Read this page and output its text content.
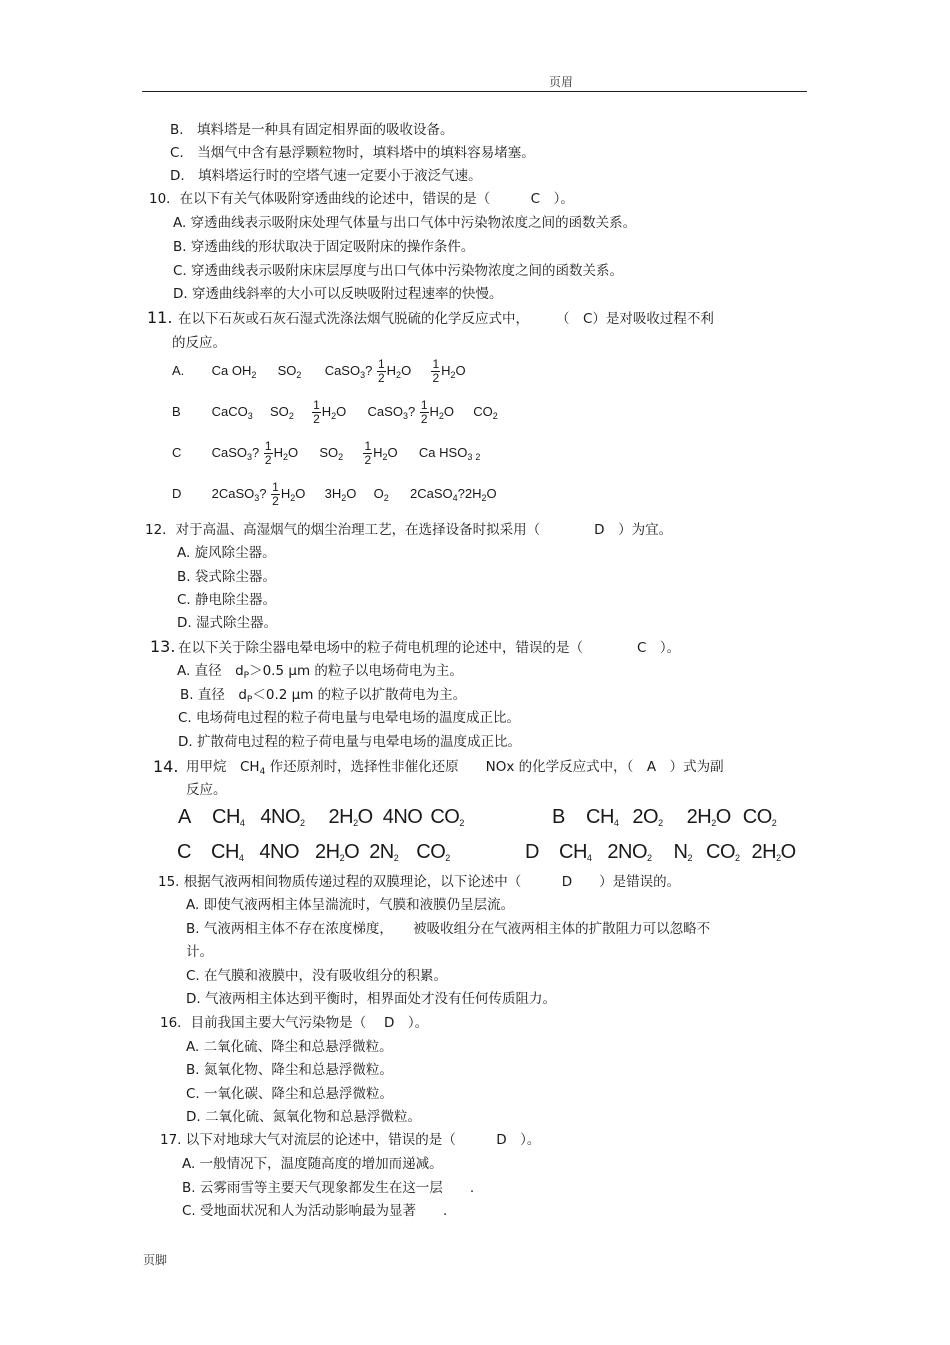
页眉
B.　填料塔是一种具有固定相界面的吸收设备。
C.　当烟气中含有悬浮颗粒物时，填料塔中的填料容易堵塞。
D.　填料塔运行时的空塔气速一定要小于液泛气速。
10．在以下有关气体吸附穿透曲线的论述中，错误的是（　　　C　）。
A. 穿透曲线表示吸附床处理气体量与出口气体中污染物浓度之间的函数关系。
B. 穿透曲线的形状取决于固定吸附床的操作条件。
C. 穿透曲线表示吸附床床层厚度与出口气体中污染物浓度之间的函数关系。
D. 穿透曲线斜率的大小可以反映吸附过程速率的快慢。
11. 在以下石灰或石灰石湿式洗涤法烟气脱硫的化学反应式中，　　　（　C）是对吸收过程不利
的反应。
A. Ca $OH_2$ $SO_2$ CaSO$_3$? $\frac{1}{2} H_2O \frac{1}{2} H_2O$
B CaCO$_3$ $SO_2 \frac{1}{2} H_2O$ CaSO$_3$? $\frac{1}{2} H_2O$ $CO_2$
C CaSO$_3$? $\frac{1}{2} H_2O$ $SO_2 \frac{1}{2} H_2O$ Ca $HSO_3$ $_2$
D 2CaSO$_3$? $\frac{1}{2} H_2O$ $3H_2O$ $O_2$ $2CaSO_4?2H_2O$
12．对于高温、高湿烟气的烟尘治理工艺，在选择设备时拟采用（　　　　D　）为宜。
A. 旋风除尘器。
B. 袋式除尘器。
C. 静电除尘器。
D. 湿式除尘器。
13. 在以下关于除尘器电晕电场中的粒子荷电机理的论述中，错误的是（　　　　C　）。
A. 直径　$d_P>0.5$ μm 的粒子以电场荷电为主。
B. 直径　$d_P<0.2$ μm 的粒子以扩散荷电为主。
C. 电场荷电过程的粒子荷电量与电晕电场的温度成正比。
D. 扩散荷电过程的粒子荷电量与电晕电场的温度成正比。
14. 用甲烷　$CH_4$ 作还原剂时，选择性非催化还原　　NOx 的化学反应式中，（　A　）式为副
反应。
A $CH_4$ $4NO_2$ $2H_2O$ 4NO $CO_2$	B $CH_4$ $2O_2$ $2H_2O$ $CO_2$
C $CH_4$ 4NO $2H_2O$ $2N_2$ $CO_2$	D $CH_4$ $2NO_2$ $N_2$ $CO_2$ $2H_2O$
15. 根据气液两相间物质传递过程的双膜理论，以下论述中（　　　D　　）是错误的。
A. 即使气液两相主体呈湍流时，气膜和液膜仍呈层流。
B. 气液两相主体不存在浓度梯度，　　被吸收组分在气液两相主体的扩散阻力可以忽略不
计。
C. 在气膜和液膜中，没有吸收组分的积累。
D. 气液两相主体达到平衡时，相界面处才没有任何传质阻力。
16．目前我国主要大气污染物是（　 D　）。
A. 二氧化硫、降尘和总悬浮微粒。
B. 氮氧化物、降尘和总悬浮微粒。
C. 一氧化碳、降尘和总悬浮微粒。
D. 二氧化硫、氮氧化物和总悬浮微粒。
17. 以下对地球大气对流层的论述中，错误的是（　　　D　）。
A. 一般情况下，温度随高度的增加而递减。
B. 云雾雨雪等主要天气现象都发生在这一层　　.
C. 受地面状况和人为活动影响最为显著　　.
页脚
